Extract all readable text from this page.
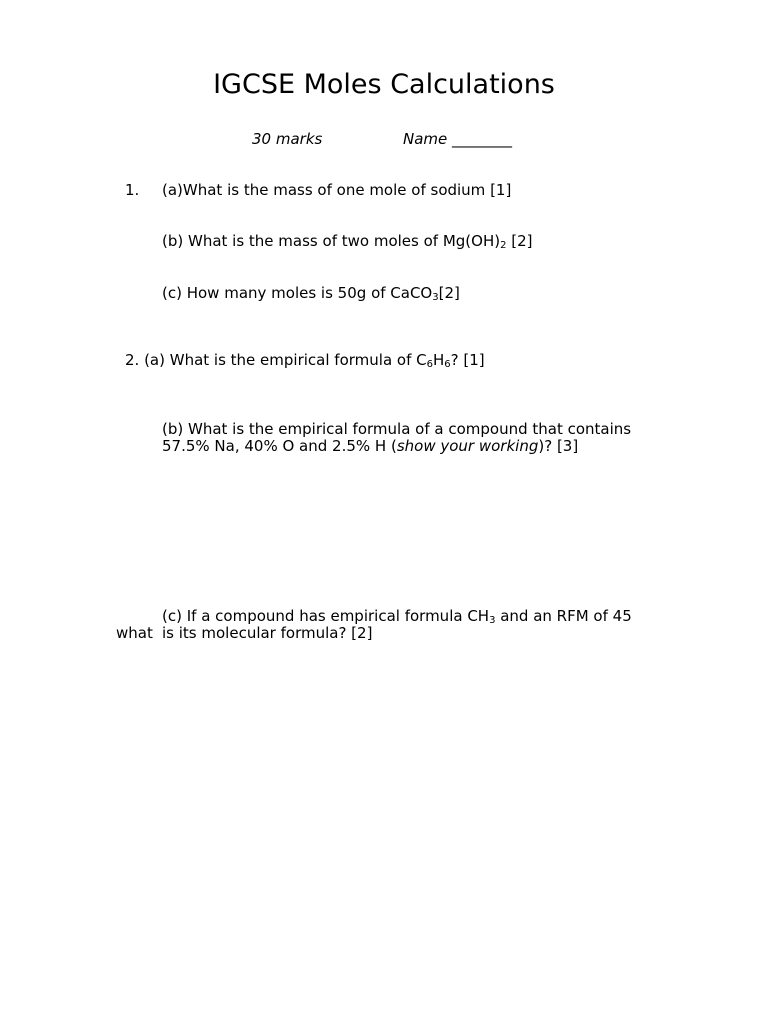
IGCSE Moles Calculations
30 marks	Name ________
1. (a)What is the mass of one mole of sodium [1]
(b) What is the mass of two moles of $Mg(OH)_2$ [2]
(c) How many moles is 50g of CaCO$_3$[2]
2. (a) What is the empirical formula of $C_6H_6$? [1]
(b) What is the empirical formula of a compound that contains
57.5% Na, 40% O and 2.5% H (show your working)? [3]
(c) If a compound has empirical formula $CH_3$ and an RFM of 45
what is its molecular formula? [2]
